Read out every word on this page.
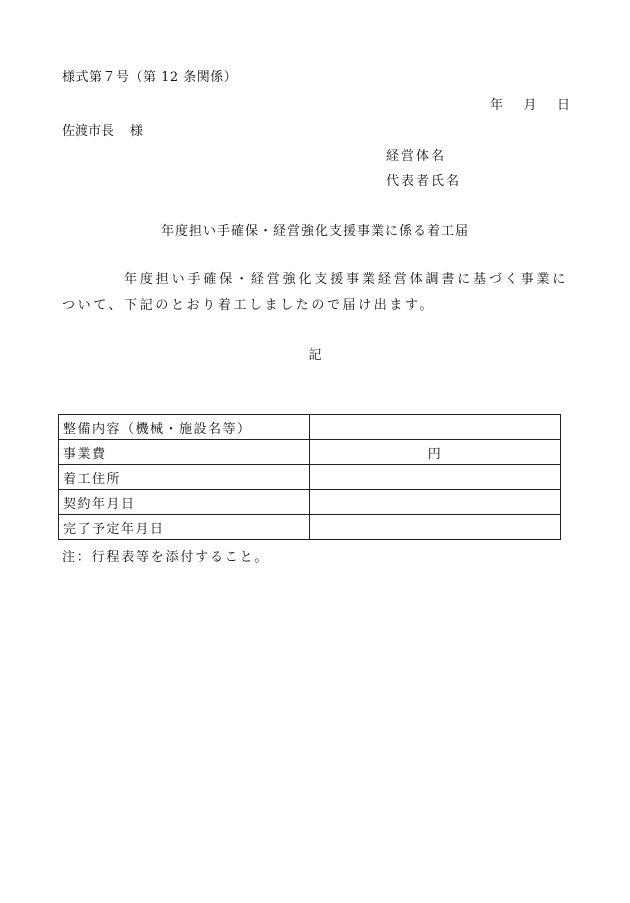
様式第７号（第 12 条関係）
年 月 日
佐渡市長 様
経営体名
代表者氏名
年度担い手確保・経営強化支援事業に係る着工届
年度担い手確保・経営強化支援事業経営体調書に基づく事業について、下記のとおり着工しましたので届け出ます。
記
整備内容（機械・施設名等）	
事業費	円
着工住所	
契約年月日	
完了予定年月日	
注：行程表等を添付すること。
